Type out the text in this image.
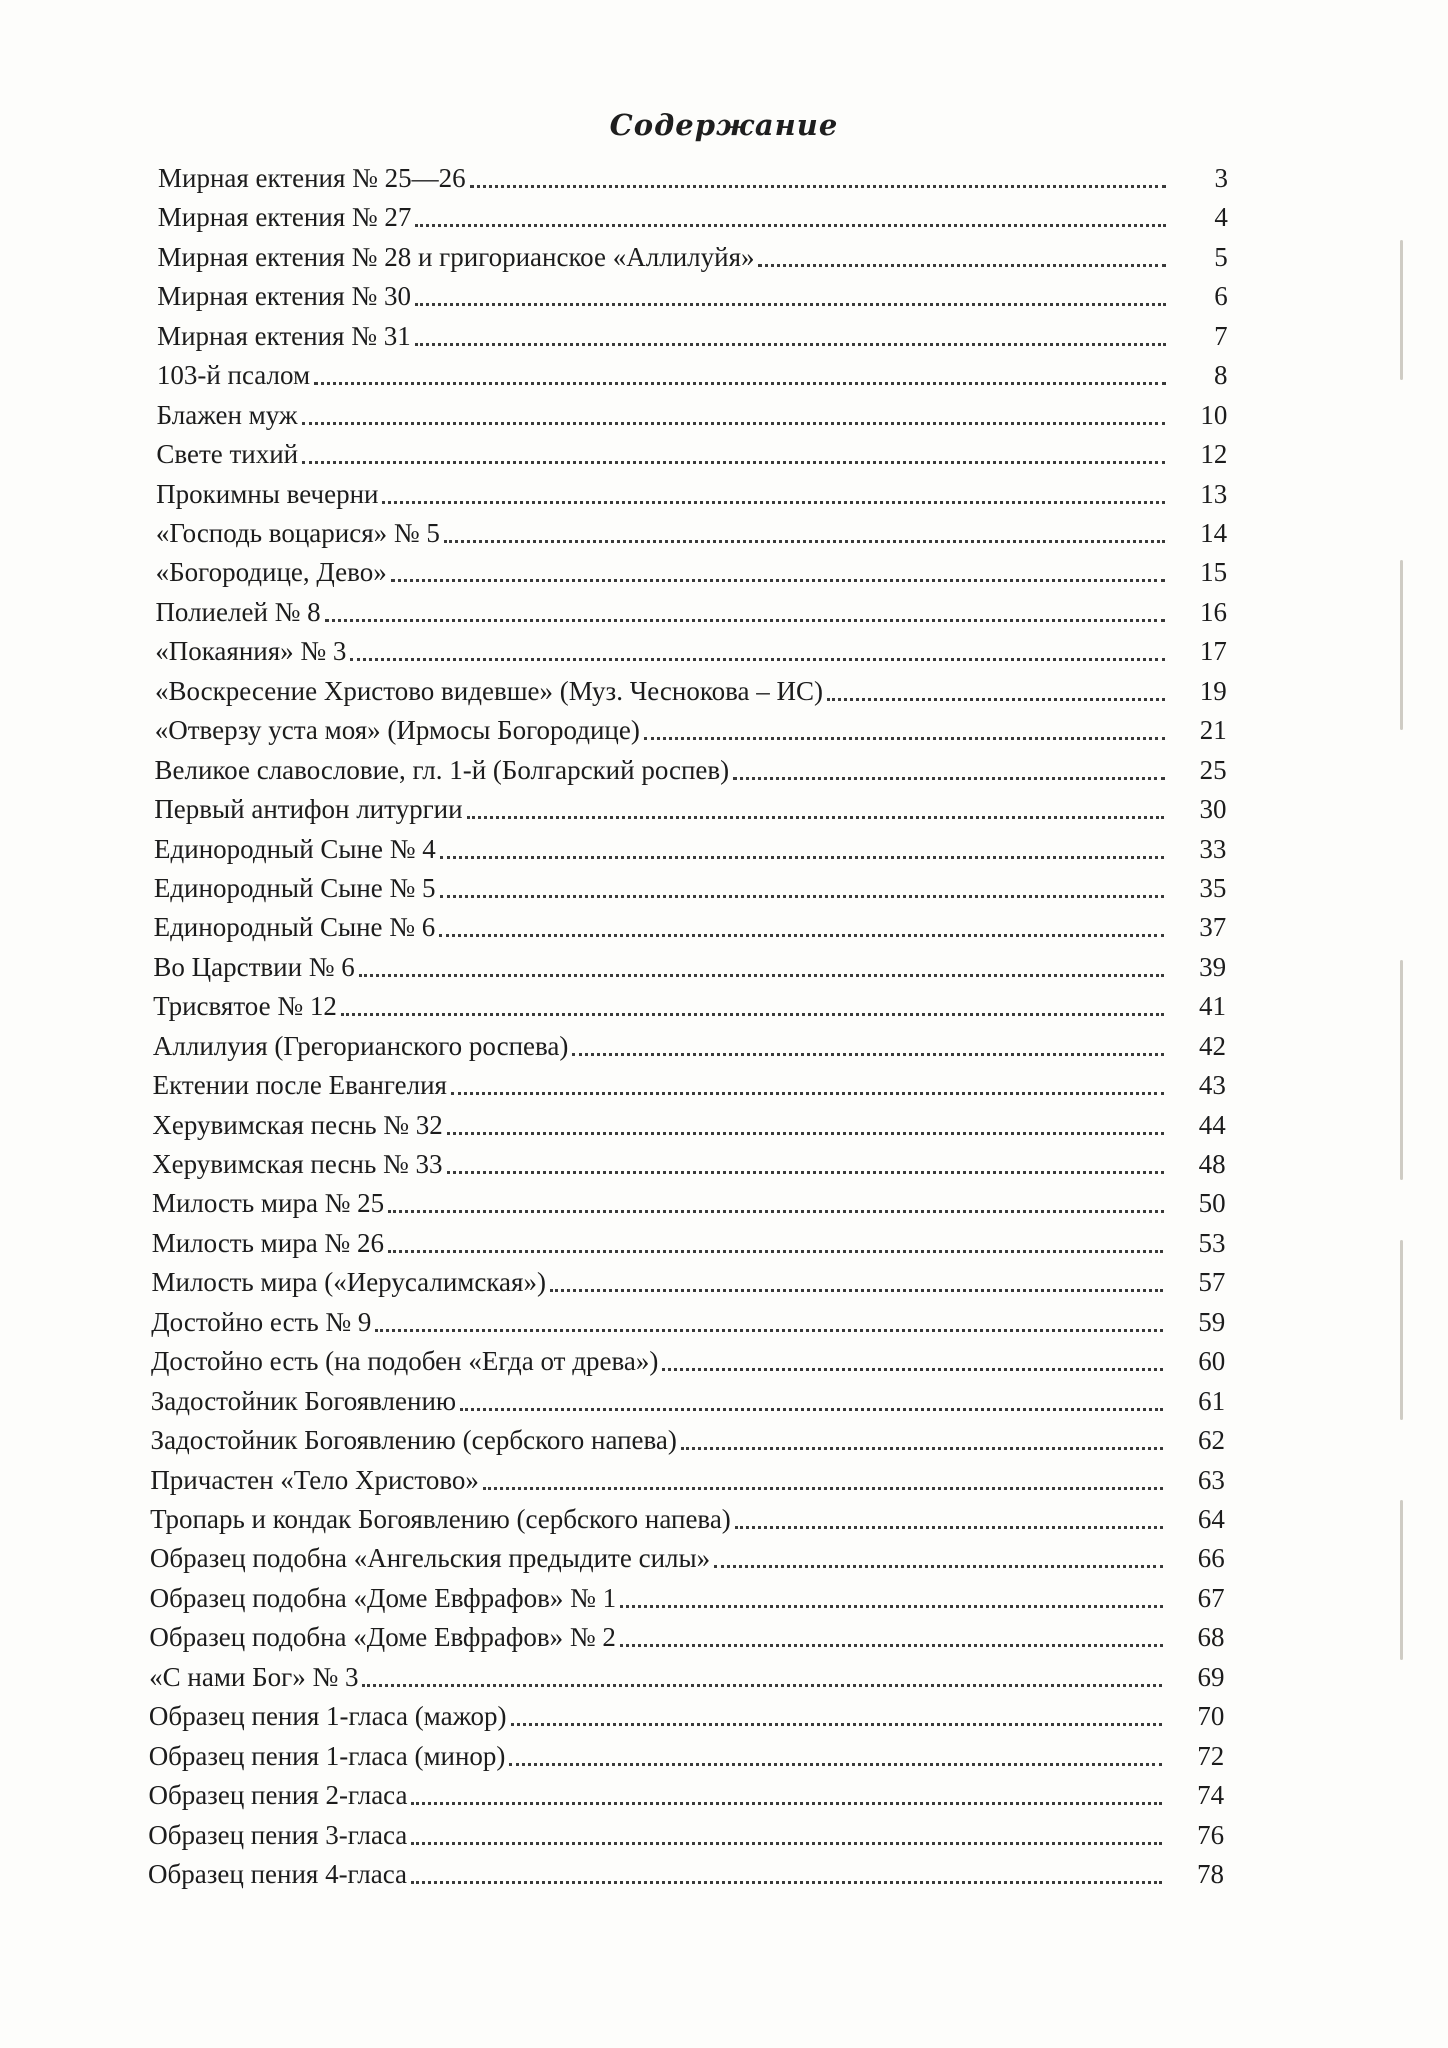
Содержание
Мирная ектения № 25—26	3
Мирная ектения № 27	4
Мирная ектения № 28 и григорианское «Аллилуйя»	5
Мирная ектения № 30	6
Мирная ектения № 31	7
103-й псалом	8
Блажен муж	10
Свете тихий	12
Прокимны вечерни	13
«Господь воцарися» № 5	14
«Богородице, Дево»	15
Полиелей № 8	16
«Покаяния» № 3	17
«Воскресение Христово видевше» (Муз. Чеснокова – ИС)	19
«Отверзу уста моя» (Ирмосы Богородице)	21
Великое славословие, гл. 1-й (Болгарский роспев)	25
Первый антифон литургии	30
Единородный Сыне № 4	33
Единородный Сыне № 5	35
Единородный Сыне № 6	37
Во Царствии № 6	39
Трисвятое № 12	41
Аллилуия (Грегорианского роспева)	42
Ектении после Евангелия	43
Херувимская песнь № 32	44
Херувимская песнь № 33	48
Милость мира № 25	50
Милость мира № 26	53
Милость мира («Иерусалимская»)	57
Достойно есть № 9	59
Достойно есть (на подобен «Егда от древа»)	60
Задостойник Богоявлению	61
Задостойник Богоявлению (сербского напева)	62
Причастен «Тело Христово»	63
Тропарь и кондак Богоявлению (сербского напева)	64
Образец подобна «Ангельския предыдите силы»	66
Образец подобна «Доме Евфрафов» № 1	67
Образец подобна «Доме Евфрафов» № 2	68
«С нами Бог» № 3	69
Образец пения 1-гласа (мажор)	70
Образец пения 1-гласа (минор)	72
Образец пения 2-гласа	74
Образец пения 3-гласа	76
Образец пения 4-гласа	78
